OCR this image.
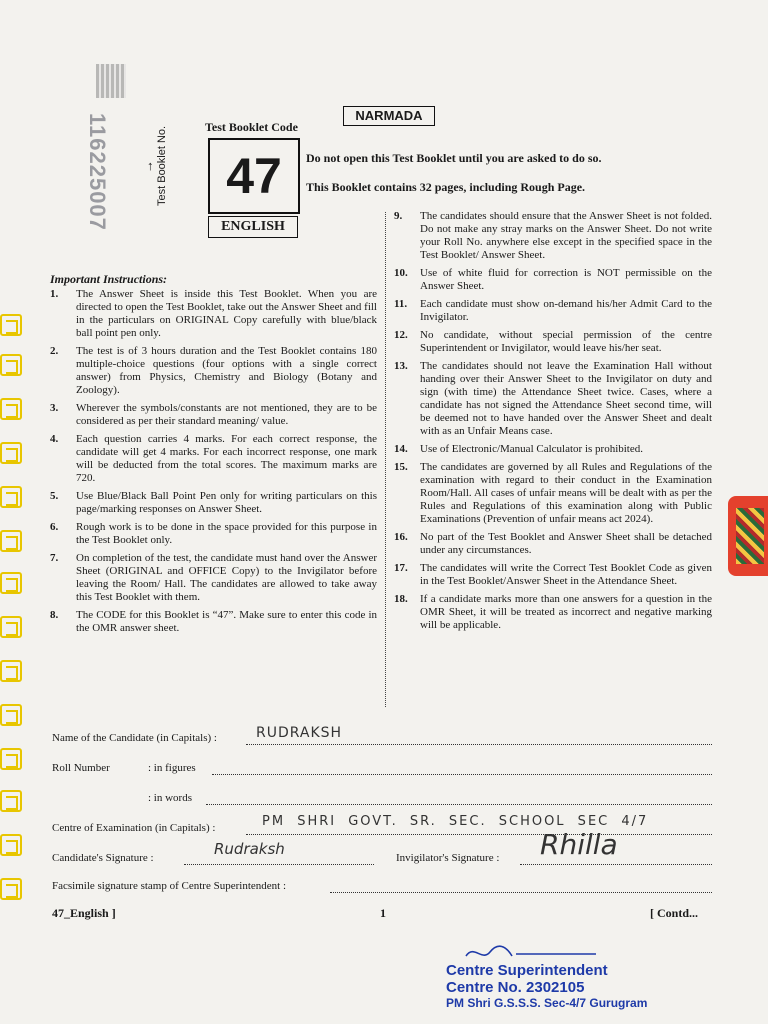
116225007	Test Booklet No.
↑
Test Booklet Code
47
ENGLISH
NARMADA
Do not open this Test Booklet until you are asked to do so.
This Booklet contains 32 pages, including Rough Page.
Important Instructions:
1. The Answer Sheet is inside this Test Booklet. When you are directed to open the Test Booklet, take out the Answer Sheet and fill in the particulars on ORIGINAL Copy carefully with blue/black ball point pen only.
2. The test is of 3 hours duration and the Test Booklet contains 180 multiple-choice questions (four options with a single correct answer) from Physics, Chemistry and Biology (Botany and Zoology).
3. Wherever the symbols/constants are not mentioned, they are to be considered as per their standard meaning/ value.
4. Each question carries 4 marks. For each correct response, the candidate will get 4 marks. For each incorrect response, one mark will be deducted from the total scores. The maximum marks are 720.
5. Use Blue/Black Ball Point Pen only for writing particulars on this page/marking responses on Answer Sheet.
6. Rough work is to be done in the space provided for this purpose in the Test Booklet only.
7. On completion of the test, the candidate must hand over the Answer Sheet (ORIGINAL and OFFICE Copy) to the Invigilator before leaving the Room/ Hall. The candidates are allowed to take away this Test Booklet with them.
8. The CODE for this Booklet is “47”. Make sure to enter this code in the OMR answer sheet.
9. The candidates should ensure that the Answer Sheet is not folded. Do not make any stray marks on the Answer Sheet. Do not write your Roll No. anywhere else except in the specified space in the Test Booklet/ Answer Sheet.
10. Use of white fluid for correction is NOT permissible on the Answer Sheet.
11. Each candidate must show on-demand his/her Admit Card to the Invigilator.
12. No candidate, without special permission of the centre Superintendent or Invigilator, would leave his/her seat.
13. The candidates should not leave the Examination Hall without handing over their Answer Sheet to the Invigilator on duty and sign (with time) the Attendance Sheet twice. Cases, where a candidate has not signed the Attendance Sheet second time, will be deemed not to have handed over the Answer Sheet and dealt with as an Unfair Means case.
14. Use of Electronic/Manual Calculator is prohibited.
15. The candidates are governed by all Rules and Regulations of the examination with regard to their conduct in the Examination Room/Hall. All cases of unfair means will be dealt with as per the Rules and Regulations of this examination along with Public Examinations (Prevention of unfair means act 2024).
16. No part of the Test Booklet and Answer Sheet shall be detached under any circumstances.
17. The candidates will write the Correct Test Booklet Code as given in the Test Booklet/Answer Sheet in the Attendance Sheet.
18. If a candidate marks more than one answers for a question in the OMR Sheet, it will be treated as incorrect and negative marking will be applicable.
Name of the Candidate (in Capitals) :	RUDRAKSH
Roll Number	: in figures
: in words
Centre of Examination (in Capitals) :	PM SHRI GOVT. SR. SEC. SCHOOL SEC 4/7
Candidate's Signature :	Rudraksh	Invigilator's Signature : Rhilla
Facsimile signature stamp of Centre Superintendent :
47_English ]	1	[ Contd...
Centre Superintendent
Centre No. 2302105
PM Shri G.S.S.S. Sec-4/7 Gurugram
